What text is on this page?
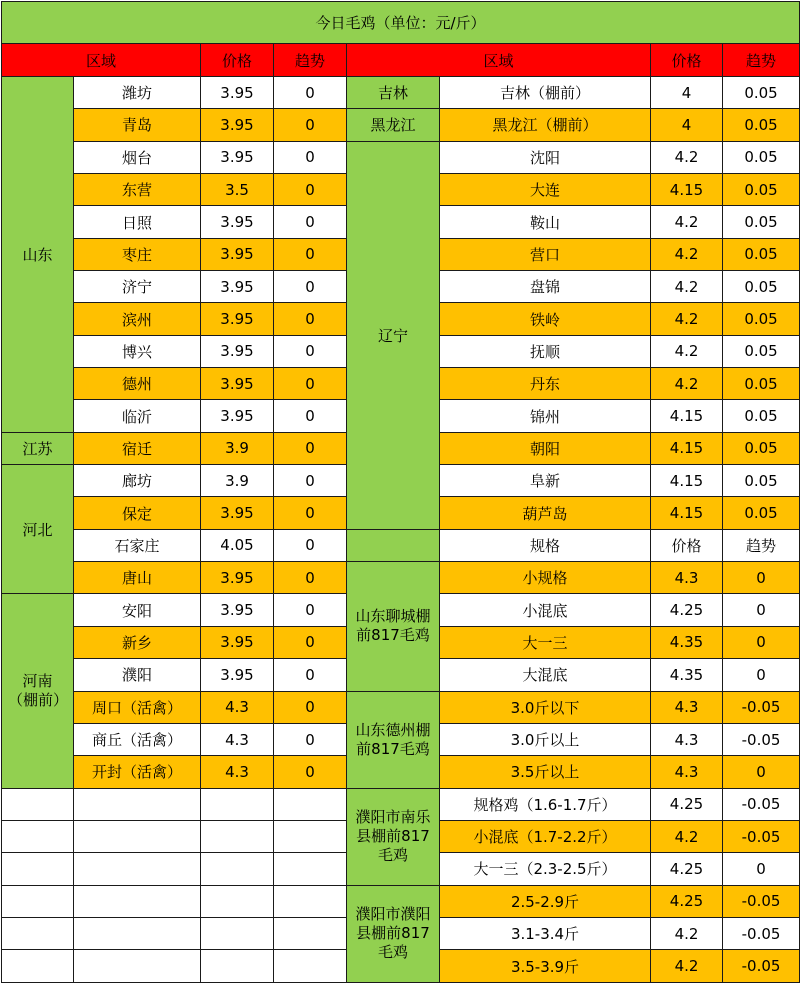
今日毛鸡（单位：元/斤）							
区域		价格	趋势	区域		价格	趋势
山东	潍坊	3.95	0	吉林	吉林（棚前）	4	0.05
	青岛	3.95	0	黑龙江	黑龙江（棚前）	4	0.05
	烟台	3.95	0	辽宁	沈阳	4.2	0.05
	东营	3.5	0		大连	4.15	0.05
	日照	3.95	0		鞍山	4.2	0.05
	枣庄	3.95	0		营口	4.2	0.05
	济宁	3.95	0		盘锦	4.2	0.05
	滨州	3.95	0		铁岭	4.2	0.05
	博兴	3.95	0		抚顺	4.2	0.05
	德州	3.95	0		丹东	4.2	0.05
	临沂	3.95	0		锦州	4.15	0.05
江苏	宿迁	3.9	0		朝阳	4.15	0.05
河北	廊坊	3.9	0		阜新	4.15	0.05
	保定	3.95	0		葫芦岛	4.15	0.05
	石家庄	4.05	0		规格	价格	趋势
	唐山	3.95	0	山东聊城棚前817毛鸡	小规格	4.3	0
河南（棚前）	安阳	3.95	0		小混底	4.25	0
	新乡	3.95	0		大一三	4.35	0
	濮阳	3.95	0		大混底	4.35	0
	周口（活禽）	4.3	0	山东德州棚前817毛鸡	3.0斤以下	4.3	-0.05
	商丘（活禽）	4.3	0		3.0斤以上	4.3	-0.05
	开封（活禽）	4.3	0		3.5斤以上	4.3	0
				濮阳市南乐县棚前817毛鸡	规格鸡（1.6-1.7斤）	4.25	-0.05
					小混底（1.7-2.2斤）	4.2	-0.05
					大一三（2.3-2.5斤）	4.25	0
				濮阳市濮阳县棚前817毛鸡	2.5-2.9斤	4.25	-0.05
					3.1-3.4斤	4.2	-0.05
					3.5-3.9斤	4.2	-0.05
